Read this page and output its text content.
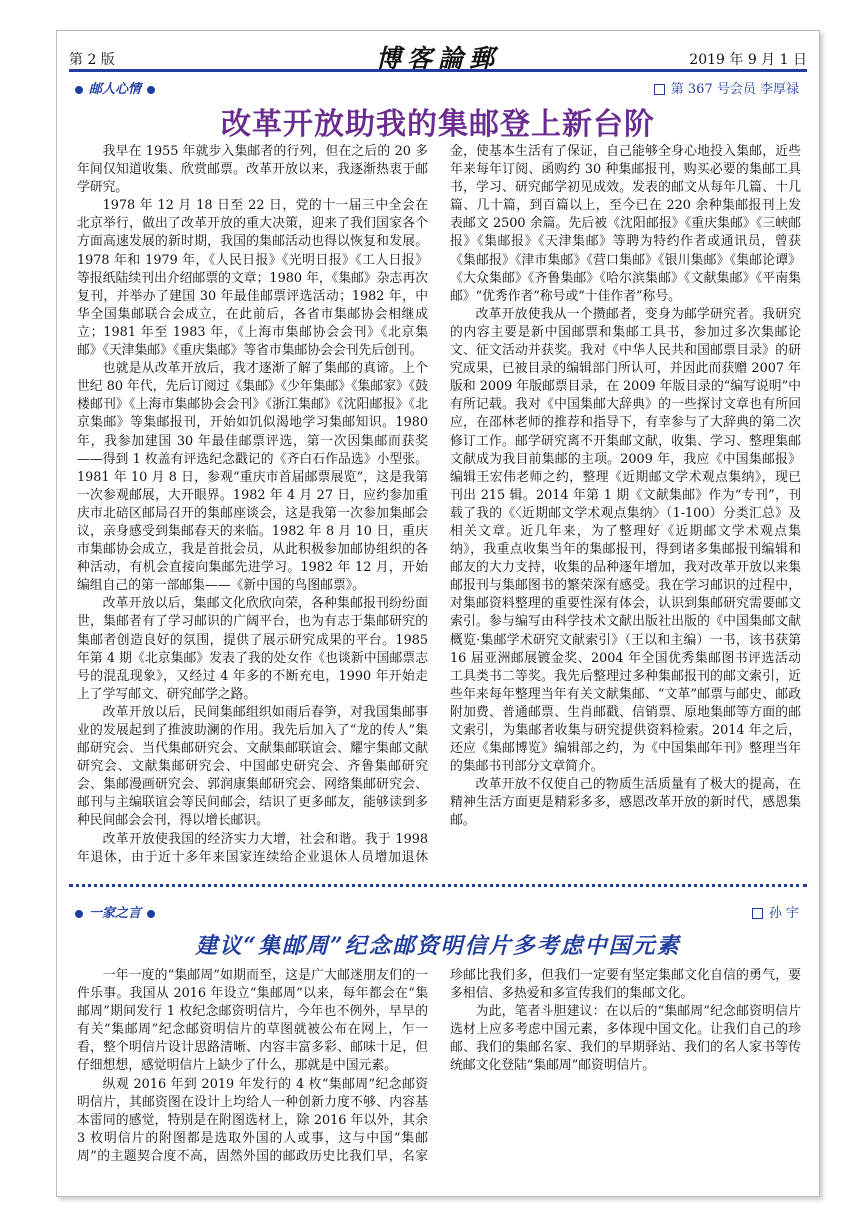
第 2 版	博客論郵	2019 年 9 月 1 日
邮人心情	第 367 号会员 李厚禄
改革开放助我的集邮登上新台阶

我早在 1955 年就步入集邮者的行列，但在之后的 20 多年间仅知道收集、欣赏邮票。改革开放以来，我逐渐热衷于邮学研究。

1978 年 12 月 18 日至 22 日，党的十一届三中全会在北京举行，做出了改革开放的重大决策，迎来了我们国家各个方面高速发展的新时期，我国的集邮活动也得以恢复和发展。1978 年和 1979 年，《人民日报》《光明日报》《工人日报》等报纸陆续刊出介绍邮票的文章；1980 年，《集邮》杂志再次复刊，并举办了建国 30 年最佳邮票评选活动；1982 年，中华全国集邮联合会成立，在此前后，各省市集邮协会相继成立；1981 年至 1983 年，《上海市集邮协会会刊》《北京集邮》《天津集邮》《重庆集邮》等省市集邮协会会刊先后创刊。

也就是从改革开放后，我才逐渐了解了集邮的真谛。上个世纪 80 年代，先后订阅过《集邮》《少年集邮》《集邮家》《鼓楼邮刊》《上海市集邮协会会刊》《浙江集邮》《沈阳邮报》《北京集邮》等集邮报刊，开始如饥似渴地学习集邮知识。1980 年，我参加建国 30 年最佳邮票评选，第一次因集邮而获奖——得到 1 枚盖有评选纪念戳记的《齐白石作品选》小型张。1981 年 10 月 8 日，参观“重庆市首届邮票展览”，这是我第一次参观邮展，大开眼界。1982 年 4 月 27 日，应约参加重庆市北碚区邮局召开的集邮座谈会，这是我第一次参加集邮会议，亲身感受到集邮春天的来临。1982 年 8 月 10 日，重庆市集邮协会成立，我是首批会员，从此积极参加邮协组织的各种活动，有机会直接向集邮先进学习。1982 年 12 月，开始编组自己的第一部邮集——《新中国的鸟图邮票》。

改革开放以后，集邮文化欣欣向荣，各种集邮报刊纷纷面世，集邮者有了学习邮识的广阔平台，也为有志于集邮研究的集邮者创造良好的氛围，提供了展示研究成果的平台。1985 年第 4 期《北京集邮》发表了我的处女作《也谈新中国邮票志号的混乱现象》，又经过 4 年多的不断充电，1990 年开始走上了学写邮文、研究邮学之路。

改革开放以后，民间集邮组织如雨后春笋，对我国集邮事业的发展起到了推波助澜的作用。我先后加入了“龙的传人”集邮研究会、当代集邮研究会、文献集邮联谊会、耀宇集邮文献研究会、文献集邮研究会、中国邮史研究会、齐鲁集邮研究会、集邮漫画研究会、郭润康集邮研究会、网络集邮研究会、邮刊与主编联谊会等民间邮会，结识了更多邮友，能够读到多种民间邮会会刊，得以增长邮识。

改革开放使我国的经济实力大增，社会和谐。我于 1998 年退休，由于近十多年来国家连续给企业退休人员增加退休金，使基本生活有了保证，自己能够全身心地投入集邮，近些年来每年订阅、函购约 30 种集邮报刊，购买必要的集邮工具书，学习、研究邮学初见成效。发表的邮文从每年几篇、十几篇、几十篇，到百篇以上，至今已在 220 余种集邮报刊上发表邮文 2500 余篇。先后被《沈阳邮报》《重庆集邮》《三峡邮报》《集邮报》《天津集邮》等聘为特约作者或通讯员，曾获《集邮报》《津市集邮》《营口集邮》《银川集邮》《集邮论谭》《大众集邮》《齐鲁集邮》《哈尔滨集邮》《文献集邮》《平南集邮》“优秀作者”称号或“十佳作者”称号。

改革开放使我从一个攒邮者，变身为邮学研究者。我研究的内容主要是新中国邮票和集邮工具书，参加过多次集邮论文、征文活动并获奖。我对《中华人民共和国邮票目录》的研究成果，已被目录的编辑部门所认可，并因此而获赠 2007 年版和 2009 年版邮票目录，在 2009 年版目录的“编写说明”中有所记载。我对《中国集邮大辞典》的一些探讨文章也有所回应，在邵林老师的推荐和指导下，有幸参与了大辞典的第二次修订工作。邮学研究离不开集邮文献，收集、学习、整理集邮文献成为我目前集邮的主项。2009 年，我应《中国集邮报》编辑王宏伟老师之约，整理《近期邮文学术观点集纳》，现已刊出 215 辑。2014 年第 1 期《文献集邮》作为“专刊”，刊载了我的《〈近期邮文学术观点集纳〉（1-100）分类汇总》及相关文章。近几年来，为了整理好《近期邮文学术观点集纳》，我重点收集当年的集邮报刊，得到诸多集邮报刊编辑和邮友的大力支持，收集的品种逐年增加，我对改革开放以来集邮报刊与集邮图书的繁荣深有感受。我在学习邮识的过程中，对集邮资料整理的重要性深有体会，认识到集邮研究需要邮文索引。参与编写由科学技术文献出版社出版的《中国集邮文献概览·集邮学术研究文献索引》（王以和主编）一书，该书获第 16 届亚洲邮展镀金奖、2004 年全国优秀集邮图书评选活动工具类书二等奖。我先后整理过多种集邮报刊的邮文索引，近些年来每年整理当年有关文献集邮、“文革”邮票与邮史、邮政附加费、普通邮票、生肖邮戳、信销票、原地集邮等方面的邮文索引，为集邮者收集与研究提供资料检索。2014 年之后，还应《集邮博览》编辑部之约，为《中国集邮年刊》整理当年的集邮书刊部分文章简介。

改革开放不仅使自己的物质生活质量有了极大的提高，在精神生活方面更是精彩多多，感恩改革开放的新时代，感恩集邮。

一家之言	孙 宇
建议“集邮周”纪念邮资明信片多考虑中国元素

一年一度的“集邮周”如期而至，这是广大邮迷朋友们的一件乐事。我国从 2016 年设立“集邮周”以来，每年都会在“集邮周”期间发行 1 枚纪念邮资明信片，今年也不例外，早早的有关“集邮周”纪念邮资明信片的草图就被公布在网上，乍一看，整个明信片设计思路清晰、内容丰富多彩、邮味十足，但仔细想想，感觉明信片上缺少了什么，那就是中国元素。

纵观 2016 年到 2019 年发行的 4 枚“集邮周”纪念邮资明信片，其邮资图在设计上均给人一种创新力度不够、内容基本雷同的感觉，特别是在附图选材上，除 2016 年以外，其余 3 枚明信片的附图都是选取外国的人或事，这与中国“集邮周”的主题契合度不高，固然外国的邮政历史比我们早，名家珍邮比我们多，但我们一定要有坚定集邮文化自信的勇气，要多相信、多热爱和多宣传我们的集邮文化。

为此，笔者斗胆建议：在以后的“集邮周”纪念邮资明信片选材上应多考虑中国元素，多体现中国文化。让我们自己的珍邮、我们的集邮名家、我们的早期驿站、我们的名人家书等传统邮文化登陆“集邮周”邮资明信片。
